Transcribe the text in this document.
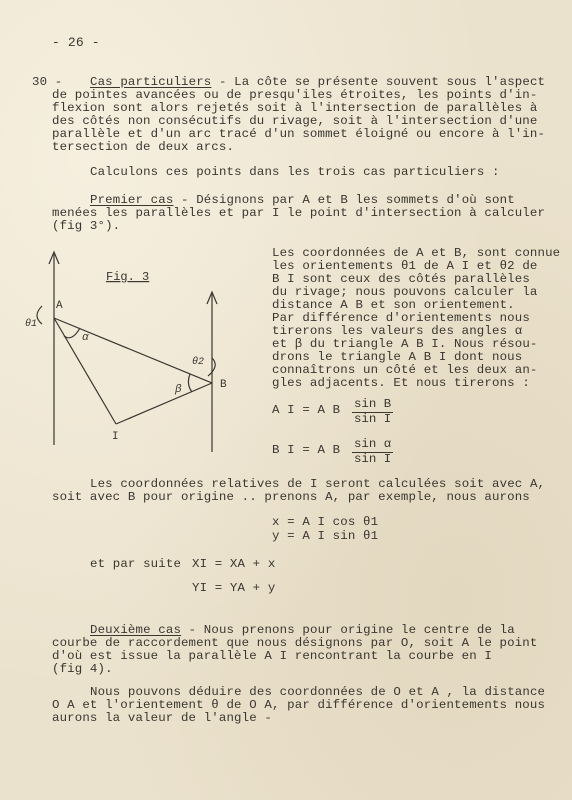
- 26 -
30 - Cas particuliers - La côte se présente souvent sous l'aspect
de pointes avancées ou de presqu'iles étroites, les points d'in-
flexion sont alors rejetés soit à l'intersection de parallèles à
des côtés non consécutifs du rivage, soit à l'intersection d'une
parallèle et d'un arc tracé d'un sommet éloigné ou encore à l'in-
tersection de deux arcs.
Calculons ces points dans les trois cas particuliers :
Premier cas - Désignons par A et B les sommets d'où sont
menées les parallèles et par I le point d'intersection à calculer
(fig 3°).
Fig. 3
A
B
I
α
β
θ1
θ2
Les coordonnées de A et B, sont connue
les orientements θ1 de A I et θ2 de
B I sont ceux des côtés parallèles
du rivage; nous pouvons calculer la
distance A B et son orientement.
Par différence d'orientements nous
tirerons les valeurs des angles α
et β du triangle A B I. Nous résou-
drons le triangle A B I dont nous
connaîtrons un côté et les deux an-
gles adjacents. Et nous tirerons :
A I = A B $\frac{\text{sin B}}{\text{sin I}}$
B I = A B $\frac{\text{sin α}}{\text{sin I}}$
Les coordonnées relatives de I seront calculées soit avec A,
soit avec B pour origine .. prenons A, par exemple, nous aurons
x = A I cos θ1
y = A I sin θ1
et par suite XI = XA + x
YI = YA + y
Deuxième cas - Nous prenons pour origine le centre de la
courbe de raccordement que nous désignons par O, soit A le point
d'où est issue la parallèle A I rencontrant la courbe en I
(fig 4).
Nous pouvons déduire des coordonnées de O et A , la distance
O A et l'orientement θ de O A, par différence d'orientements nous
aurons la valeur de l'angle -
